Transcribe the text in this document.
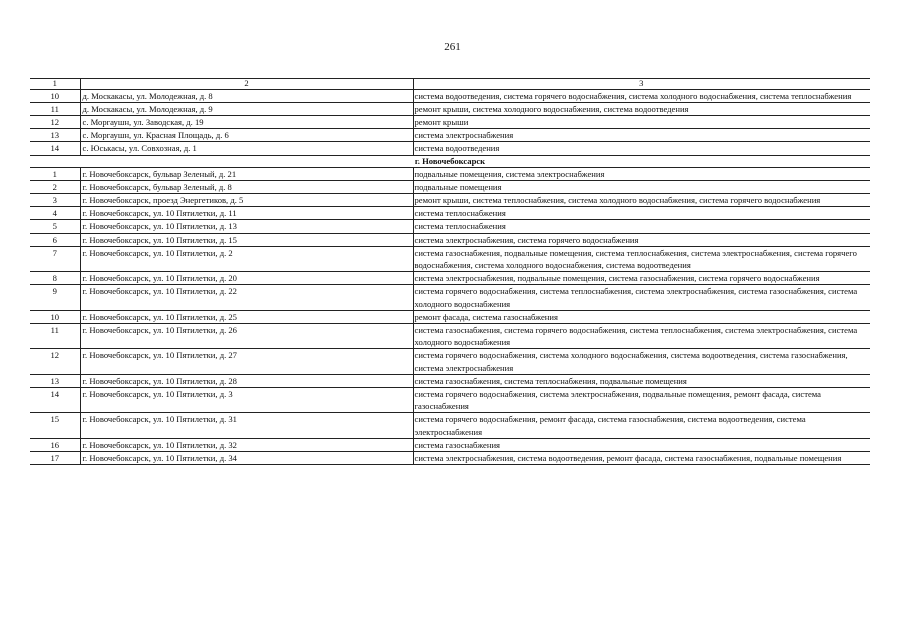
261
1	2	3
10	д. Москакасы, ул. Молодежная, д. 8	система водоотведения, система горячего водоснабжения, система холодного водоснабжения, система теплоснабжения
11	д. Москакасы, ул. Молодежная, д. 9	ремонт крыши, система холодного водоснабжения, система водоотведения
12	с. Моргаушн, ул. Заводская, д. 19	ремонт крыши
13	с. Моргаушн, ул. Красная Площадь, д. 6	система электроснабжения
14	с. Юськасы, ул. Совхозная, д. 1	система водоотведения
г. Новочебоксарск		
1	г. Новочебоксарск, бульвар Зеленый, д. 21	подвальные помещения, система электроснабжения
2	г. Новочебоксарск, бульвар Зеленый, д. 8	подвальные помещения
3	г. Новочебоксарск, проезд Энергетиков, д. 5	ремонт крыши, система теплоснабжения, система холодного водоснабжения, система горячего водоснабжения
4	г. Новочебоксарск, ул. 10 Пятилетки, д. 11	система теплоснабжения
5	г. Новочебоксарск, ул. 10 Пятилетки, д. 13	система теплоснабжения
6	г. Новочебоксарск, ул. 10 Пятилетки, д. 15	система электроснабжения, система горячего водоснабжения
7	г. Новочебоксарск, ул. 10 Пятилетки, д. 2	система газоснабжения, подвальные помещения, система теплоснабжения, система электроснабжения, система горячего водоснабжения, система холодного водоснабжения, система водоотведения
8	г. Новочебоксарск, ул. 10 Пятилетки, д. 20	система электроснабжения, подвальные помещения, система газоснабжения, система горячего водоснабжения
9	г. Новочебоксарск, ул. 10 Пятилетки, д. 22	система горячего водоснабжения, система теплоснабжения, система электроснабжения, система газоснабжения, система холодного водоснабжения
10	г. Новочебоксарск, ул. 10 Пятилетки, д. 25	ремонт фасада, система газоснабжения
11	г. Новочебоксарск, ул. 10 Пятилетки, д. 26	система газоснабжения, система горячего водоснабжения, система теплоснабжения, система электроснабжения, система холодного водоснабжения
12	г. Новочебоксарск, ул. 10 Пятилетки, д. 27	система горячего водоснабжения, система холодного водоснабжения, система водоотведения, система газоснабжения, система электроснабжения
13	г. Новочебоксарск, ул. 10 Пятилетки, д. 28	система газоснабжения, система теплоснабжения, подвальные помещения
14	г. Новочебоксарск, ул. 10 Пятилетки, д. 3	система горячего водоснабжения, система электроснабжения, подвальные помещения, ремонт фасада, система газоснабжения
15	г. Новочебоксарск, ул. 10 Пятилетки, д. 31	система горячего водоснабжения, ремонт фасада, система газоснабжения, система водоотведения, система электроснабжения
16	г. Новочебоксарск, ул. 10 Пятилетки, д. 32	система газоснабжения
17	г. Новочебоксарск, ул. 10 Пятилетки, д. 34	система электроснабжения, система водоотведения, ремонт фасада, система газоснабжения, подвальные помещения
